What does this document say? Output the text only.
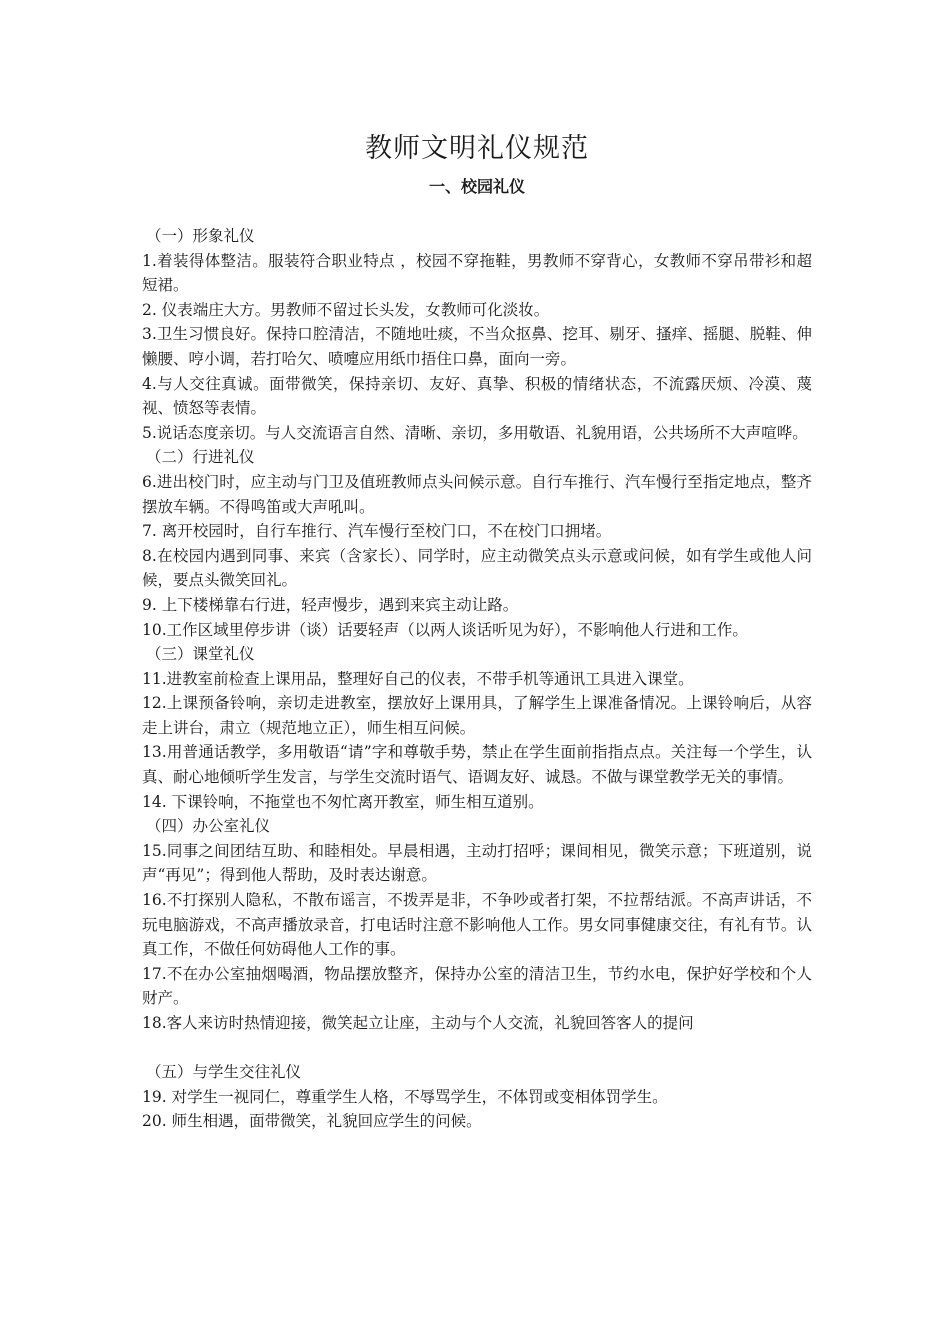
教师文明礼仪规范
一、校园礼仪

（一）形象礼仪

1.着装得体整洁。服装符合职业特点 ，校园不穿拖鞋，男教师不穿背心，女教师不穿吊带衫和超短裙。

2. 仪表端庄大方。男教师不留过长头发，女教师可化淡妆。

3.卫生习惯良好。保持口腔清洁，不随地吐痰，不当众抠鼻、挖耳、剔牙、搔痒、摇腿、脱鞋、伸懒腰、哼小调，若打哈欠、喷嚏应用纸巾捂住口鼻，面向一旁。

4.与人交往真诚。面带微笑，保持亲切、友好、真挚、积极的情绪状态，不流露厌烦、冷漠、蔑视、愤怒等表情。

5.说话态度亲切。与人交流语言自然、清晰、亲切，多用敬语、礼貌用语，公共场所不大声喧哗。

（二）行进礼仪

6.进出校门时，应主动与门卫及值班教师点头问候示意。自行车推行、汽车慢行至指定地点，整齐摆放车辆。不得鸣笛或大声吼叫。

7. 离开校园时，自行车推行、汽车慢行至校门口，不在校门口拥堵。

8.在校园内遇到同事、来宾（含家长）、同学时，应主动微笑点头示意或问候，如有学生或他人问候，要点头微笑回礼。

9. 上下楼梯靠右行进，轻声慢步，遇到来宾主动让路。

10.工作区域里停步讲（谈）话要轻声（以两人谈话听见为好），不影响他人行进和工作。

（三）课堂礼仪

11.进教室前检查上课用品，整理好自己的仪表，不带手机等通讯工具进入课堂。

12.上课预备铃响，亲切走进教室，摆放好上课用具，了解学生上课准备情况。上课铃响后，从容走上讲台，肃立（规范地立正），师生相互问候。

13.用普通话教学，多用敬语“请”字和尊敬手势，禁止在学生面前指指点点。关注每一个学生，认真、耐心地倾听学生发言，与学生交流时语气、语调友好、诚恳。不做与课堂教学无关的事情。

14. 下课铃响，不拖堂也不匆忙离开教室，师生相互道别。

（四）办公室礼仪

15.同事之间团结互助、和睦相处。早晨相遇，主动打招呼；课间相见，微笑示意；下班道别，说声“再见”；得到他人帮助，及时表达谢意。

16.不打探别人隐私，不散布谣言，不拨弄是非，不争吵或者打架，不拉帮结派。不高声讲话，不玩电脑游戏，不高声播放录音，打电话时注意不影响他人工作。男女同事健康交往，有礼有节。认真工作，不做任何妨碍他人工作的事。

17.不在办公室抽烟喝酒，物品摆放整齐，保持办公室的清洁卫生，节约水电，保护好学校和个人财产。

18.客人来访时热情迎接，微笑起立让座，主动与个人交流，礼貌回答客人的提问

（五）与学生交往礼仪

19. 对学生一视同仁，尊重学生人格，不辱骂学生，不体罚或变相体罚学生。

20. 师生相遇，面带微笑，礼貌回应学生的问候。
